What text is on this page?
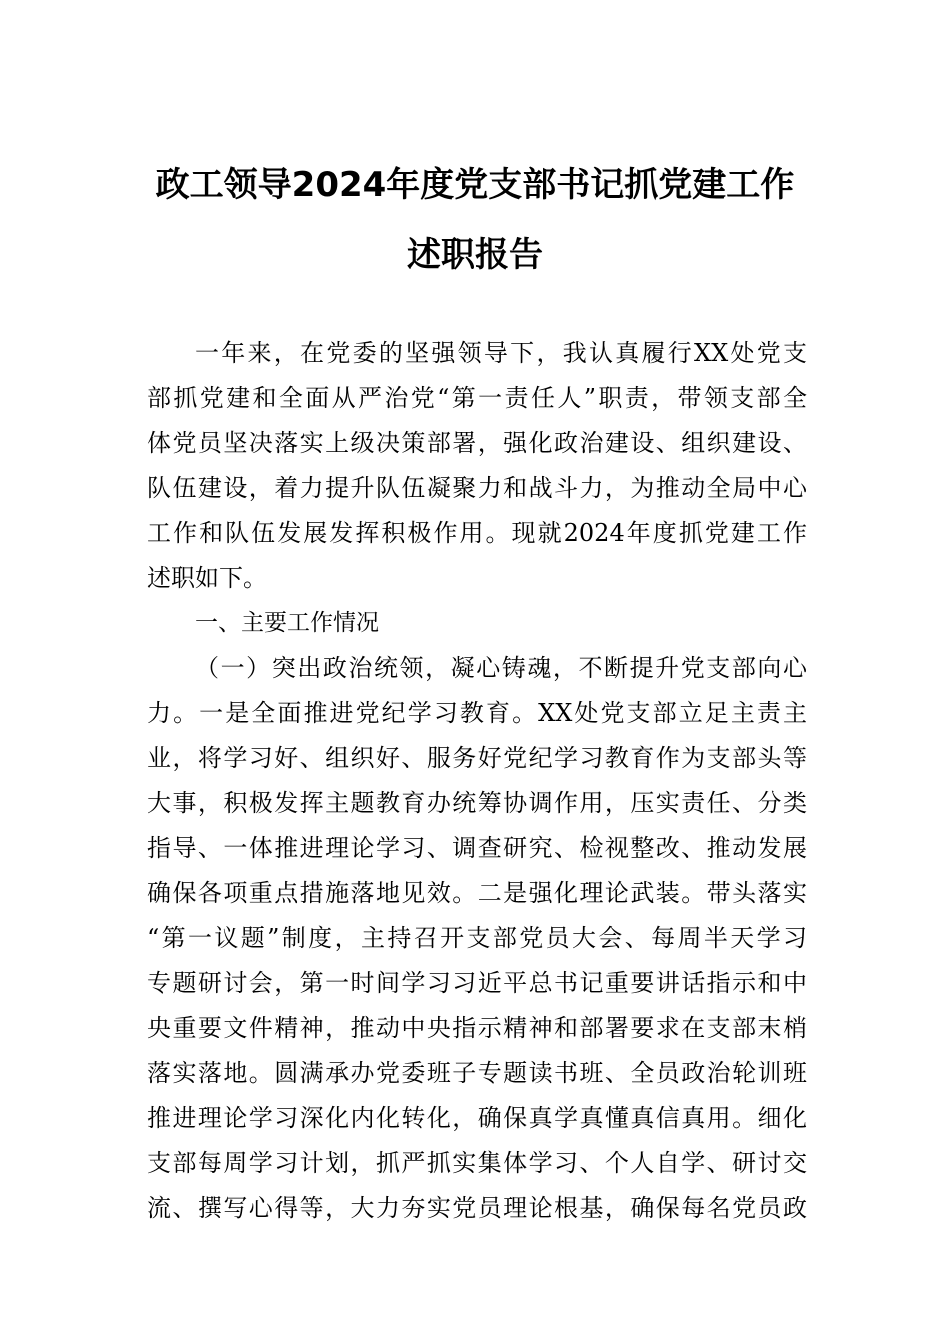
政工领导2024年度党支部书记抓党建工作
述职报告
一年来，在党委的坚强领导下，我认真履行XX处党支
部抓党建和全面从严治党“第一责任人”职责，带领支部全
体党员坚决落实上级决策部署，强化政治建设、组织建设、
队伍建设，着力提升队伍凝聚力和战斗力，为推动全局中心
工作和队伍发展发挥积极作用。现就2024年度抓党建工作
述职如下。
一、主要工作情况
（一）突出政治统领，凝心铸魂，不断提升党支部向心
力。一是全面推进党纪学习教育。XX处党支部立足主责主
业，将学习好、组织好、服务好党纪学习教育作为支部头等
大事，积极发挥主题教育办统筹协调作用，压实责任、分类
指导、一体推进理论学习、调查研究、检视整改、推动发展
确保各项重点措施落地见效。二是强化理论武装。带头落实
“第一议题”制度，主持召开支部党员大会、每周半天学习
专题研讨会，第一时间学习习近平总书记重要讲话指示和中
央重要文件精神，推动中央指示精神和部署要求在支部末梢
落实落地。圆满承办党委班子专题读书班、全员政治轮训班
推进理论学习深化内化转化，确保真学真懂真信真用。细化
支部每周学习计划，抓严抓实集体学习、个人自学、研讨交
流、撰写心得等，大力夯实党员理论根基，确保每名党员政
